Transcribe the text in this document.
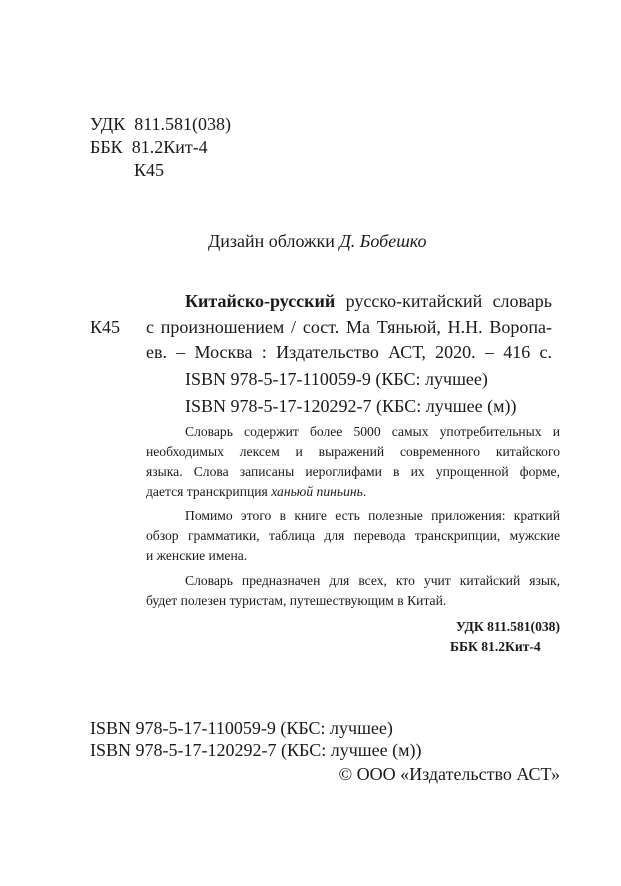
УДК 811.581(038)
ББК 81.2Кит-4
К45
Дизайн обложки Д. Бобешко
Китайско-русский русско-китайский словарь
К45 с произношением / сост. Ма Тяньюй, Н.Н. Воропа-
ев. – Москва : Издательство АСТ, 2020. – 416 с.
ISBN 978-5-17-110059-9 (КБС: лучшее)
ISBN 978-5-17-120292-7 (КБС: лучшее (м))
Словарь содержит более 5000 самых употребительных и
необходимых лексем и выражений современного китайского
языка. Слова записаны иероглифами в их упрощенной форме,
дается транскрипция ханьюй пиньинь.
Помимо этого в книге есть полезные приложения: краткий
обзор грамматики, таблица для перевода транскрипции, мужские
и женские имена.
Словарь предназначен для всех, кто учит китайский язык,
будет полезен туристам, путешествующим в Китай.
УДК 811.581(038)
ББК 81.2Кит-4
ISBN 978-5-17-110059-9 (КБС: лучшее)
ISBN 978-5-17-120292-7 (КБС: лучшее (м))
© ООО «Издательство АСТ»
